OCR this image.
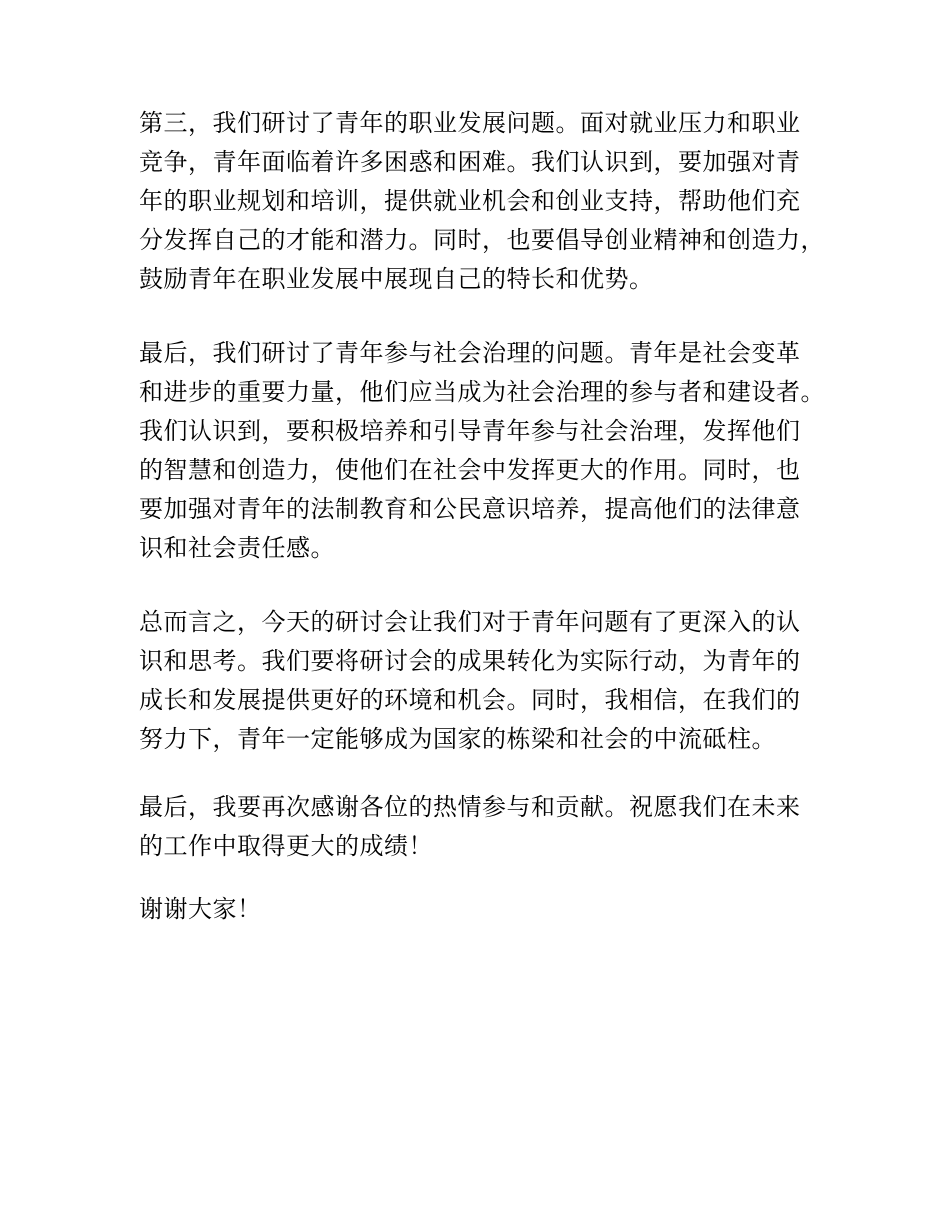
第三，我们研讨了青年的职业发展问题。面对就业压力和职业
竞争，青年面临着许多困惑和困难。我们认识到，要加强对青
年的职业规划和培训，提供就业机会和创业支持，帮助他们充
分发挥自己的才能和潜力。同时，也要倡导创业精神和创造力，
鼓励青年在职业发展中展现自己的特长和优势。

最后，我们研讨了青年参与社会治理的问题。青年是社会变革
和进步的重要力量，他们应当成为社会治理的参与者和建设者。
我们认识到，要积极培养和引导青年参与社会治理，发挥他们
的智慧和创造力，使他们在社会中发挥更大的作用。同时，也
要加强对青年的法制教育和公民意识培养，提高他们的法律意
识和社会责任感。

总而言之，今天的研讨会让我们对于青年问题有了更深入的认
识和思考。我们要将研讨会的成果转化为实际行动，为青年的
成长和发展提供更好的环境和机会。同时，我相信，在我们的
努力下，青年一定能够成为国家的栋梁和社会的中流砥柱。

最后，我要再次感谢各位的热情参与和贡献。祝愿我们在未来
的工作中取得更大的成绩！

谢谢大家！
